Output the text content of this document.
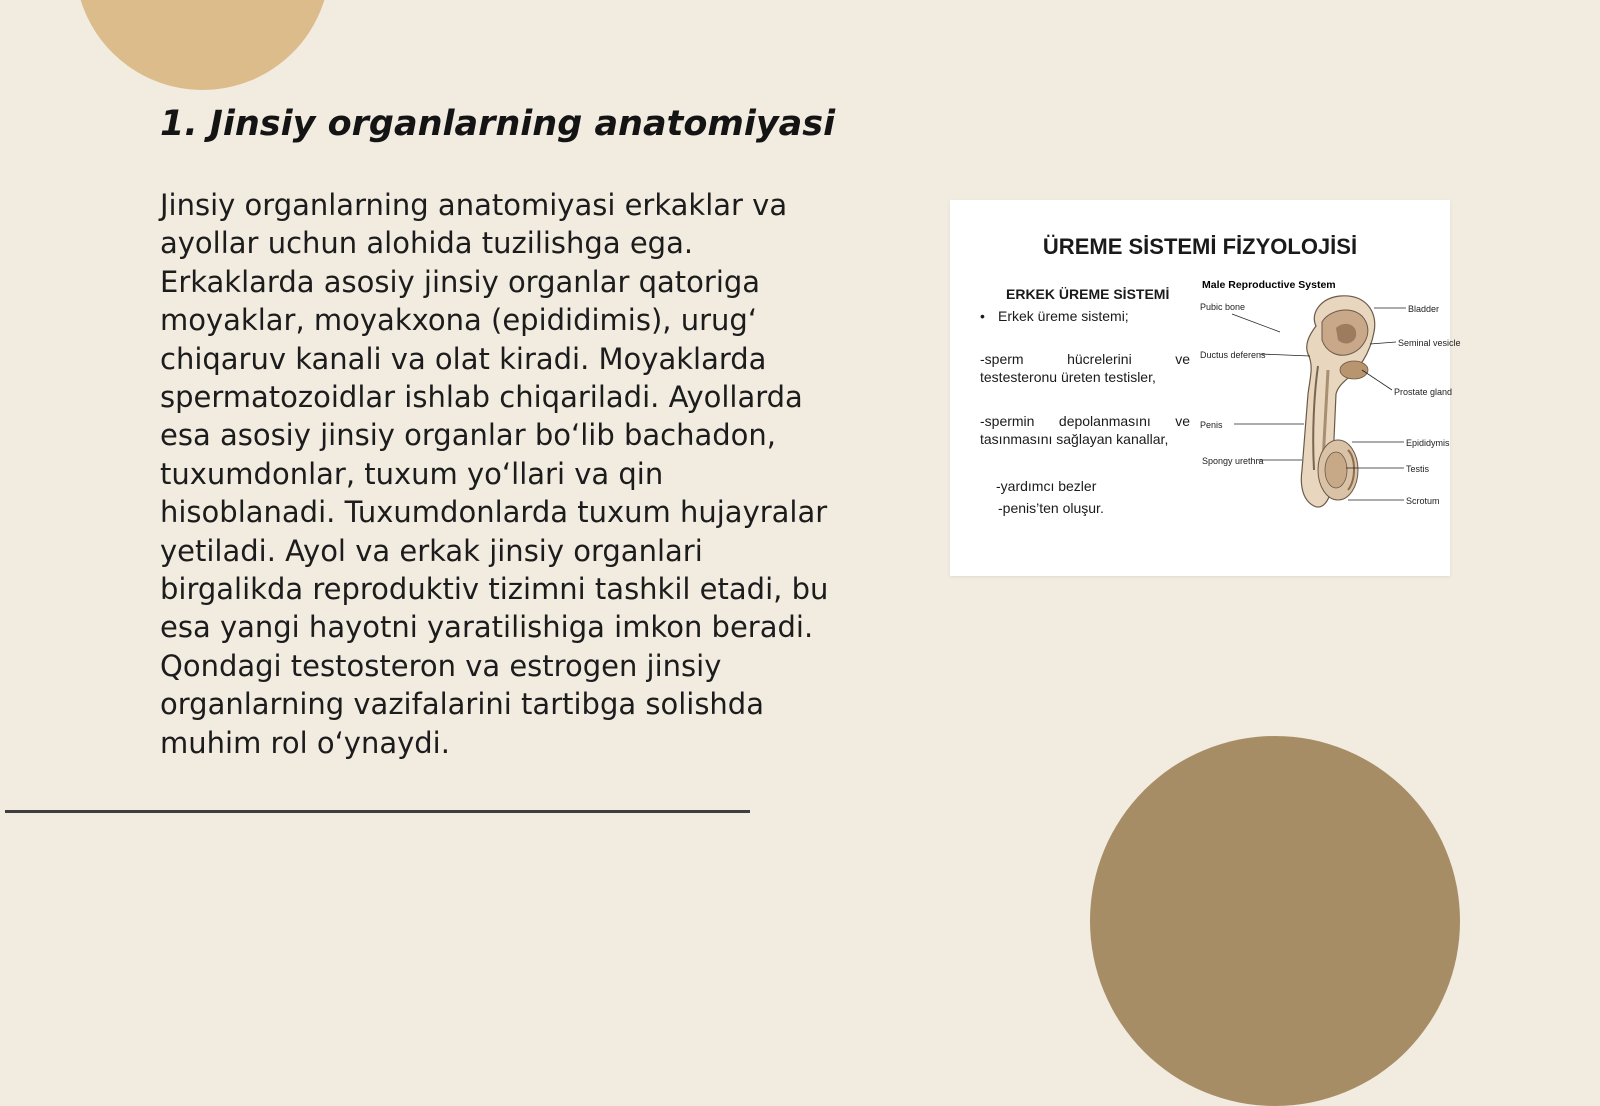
1. Jinsiy organlarning anatomiyasi

Jinsiy organlarning anatomiyasi erkaklar va ayollar uchun alohida tuzilishga ega. Erkaklarda asosiy jinsiy organlar qatoriga moyaklar, moyakxona (epididimis), urug‘ chiqaruv kanali va olat kiradi. Moyaklarda spermatozoidlar ishlab chiqariladi. Ayollarda esa asosiy jinsiy organlar bo‘lib bachadon, tuxumdonlar, tuxum yo‘llari va qin hisoblanadi. Tuxumdonlarda tuxum hujayralar yetiladi. Ayol va erkak jinsiy organlari birgalikda reproduktiv tizimni tashkil etadi, bu esa yangi hayotni yaratilishiga imkon beradi. Qondagi testosteron va estrogen jinsiy organlarning vazifalarini tartibga solishda muhim rol o‘ynaydi.

ÜREME SİSTEMİ FİZYOLOJİSİ
ERKEK ÜREME SİSTEMİ
• Erkek üreme sistemi;
-sperm hücrelerini ve testesteronu üreten testisler,
-spermin depolanmasını ve tasınmasını sağlayan kanallar,
-yardımcı bezler
-penis’ten oluşur.
Male Reproductive System
Pubic bone
Ductus deferens
Penis
Spongy urethra
Bladder
Seminal vesicle
Prostate gland
Epididymis
Testis
Scrotum
